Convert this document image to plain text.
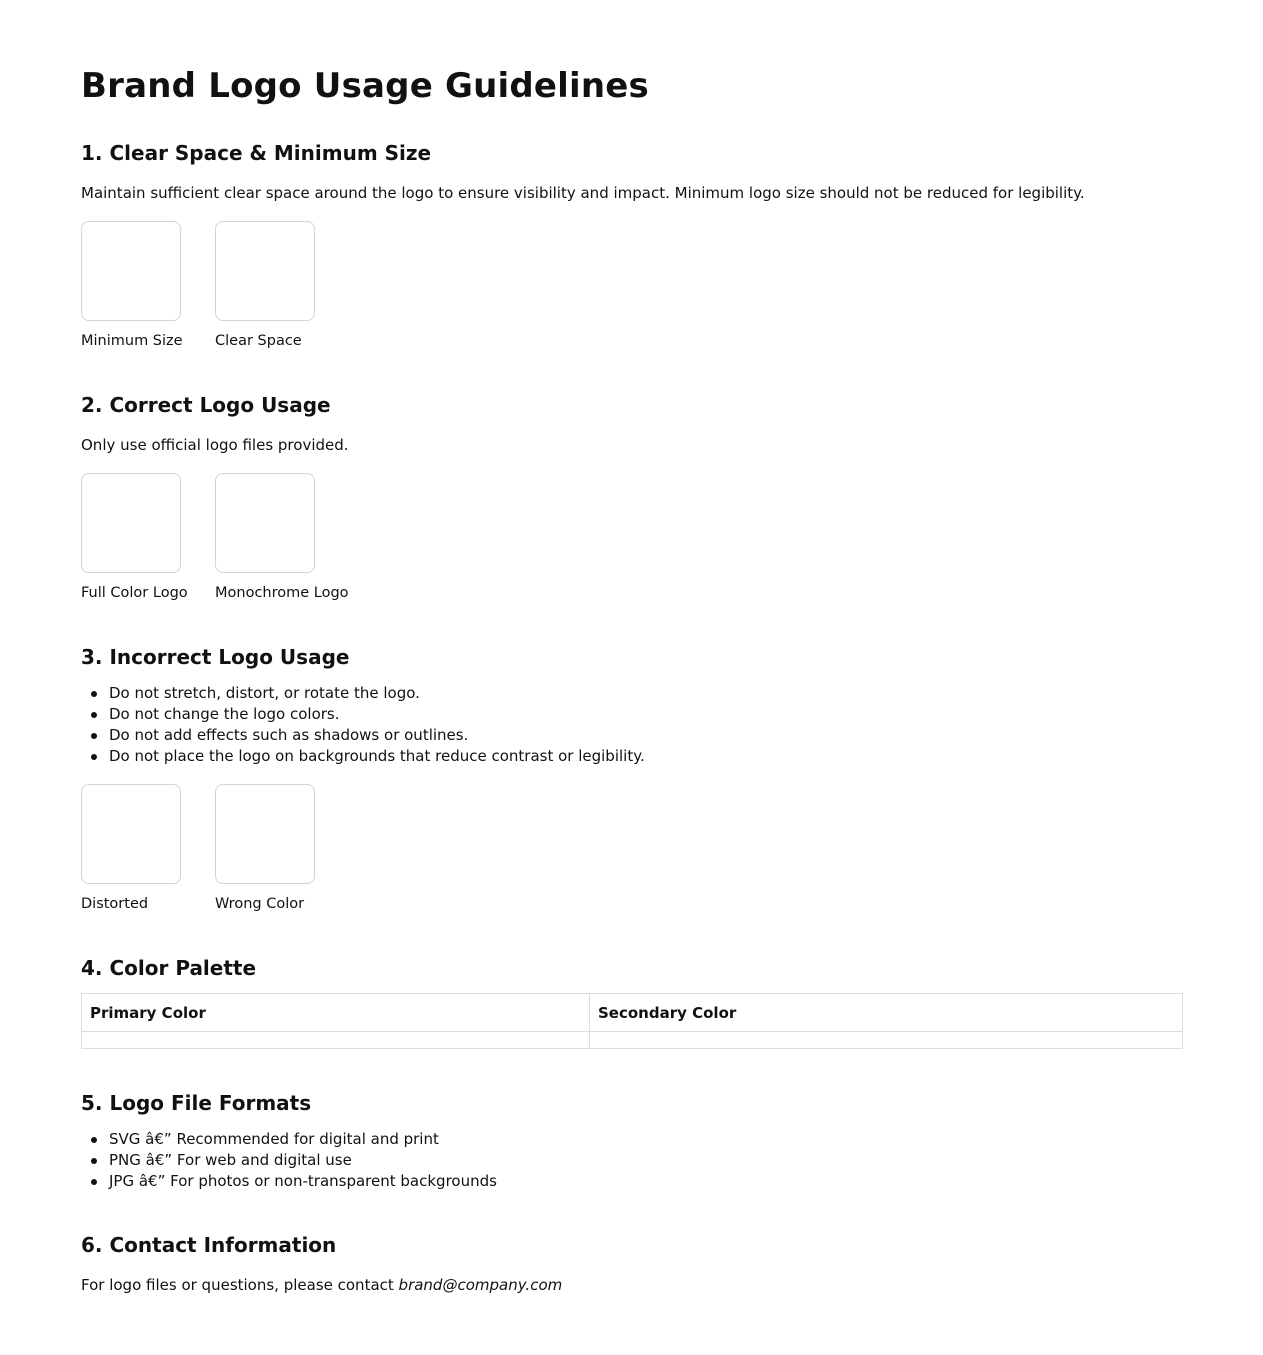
Brand Logo Usage Guidelines
1. Clear Space & Minimum Size

Maintain sufficient clear space around the logo to ensure visibility and impact. Minimum logo size should not be reduced for legibility.

Minimum Size Clear Space
2. Correct Logo Usage

Only use official logo files provided.

Full Color Logo Monochrome Logo
3. Incorrect Logo Usage
Do not stretch, distort, or rotate the logo.
Do not change the logo colors.
Do not add effects such as shadows or outlines.
Do not place the logo on backgrounds that reduce contrast or legibility.
Distorted	Wrong Color
4. Color Palette
Primary Color	Secondary Color

5. Logo File Formats
SVG â€” Recommended for digital and print
PNG â€” For web and digital use
JPG â€” For photos or non-transparent backgrounds
6. Contact Information

For logo files or questions, please contact brand@company.com
